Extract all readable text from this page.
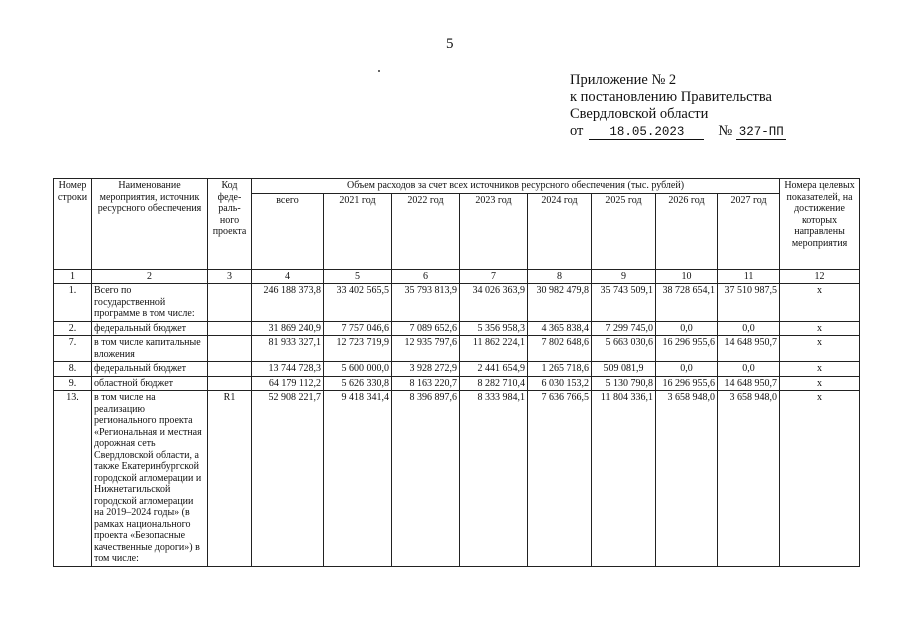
5
Приложение № 2
к постановлению Правительства
Свердловской области
от 18.05.2023 № 327-ПП
Номер строки	Наименование мероприятия, источник ресурсного обеспечения	Код феде-раль-ного проекта	Объем расходов за счет всех источников ресурсного обеспечения (тыс. рублей)								Номера целевых показателей, на достижение которых направлены мероприятия
			всего	2021 год	2022 год	2023 год	2024 год	2025 год	2026 год	2027 год	
1	2	3	4	5	6	7	8	9	10	11	12
1.	Всего по государственной программе в том числе:		246 188 373,8	33 402 565,5	35 793 813,9	34 026 363,9	30 982 479,8	35 743 509,1	38 728 654,1	37 510 987,5	x
2.	федеральный бюджет		31 869 240,9	7 757 046,6	7 089 652,6	5 356 958,3	4 365 838,4	7 299 745,0	0,0	0,0	x
7.	в том числе капитальные вложения		81 933 327,1	12 723 719,9	12 935 797,6	11 862 224,1	7 802 648,6	5 663 030,6	16 296 955,6	14 648 950,7	x
8.	федеральный бюджет		13 744 728,3	5 600 000,0	3 928 272,9	2 441 654,9	1 265 718,6	509 081,9	0,0	0,0	x
9.	областной бюджет		64 179 112,2	5 626 330,8	8 163 220,7	8 282 710,4	6 030 153,2	5 130 790,8	16 296 955,6	14 648 950,7	x
13.	в том числе на реализацию регионального проекта «Региональная и местная дорожная сеть Свердловской области, а также Екатеринбургской городской агломерации и Нижнетагильской городской агломерации на 2019–2024 годы» (в рамках национального проекта «Безопасные качественные дороги») в том числе:	R1	52 908 221,7	9 418 341,4	8 396 897,6	8 333 984,1	7 636 766,5	11 804 336,1	3 658 948,0	3 658 948,0	x
